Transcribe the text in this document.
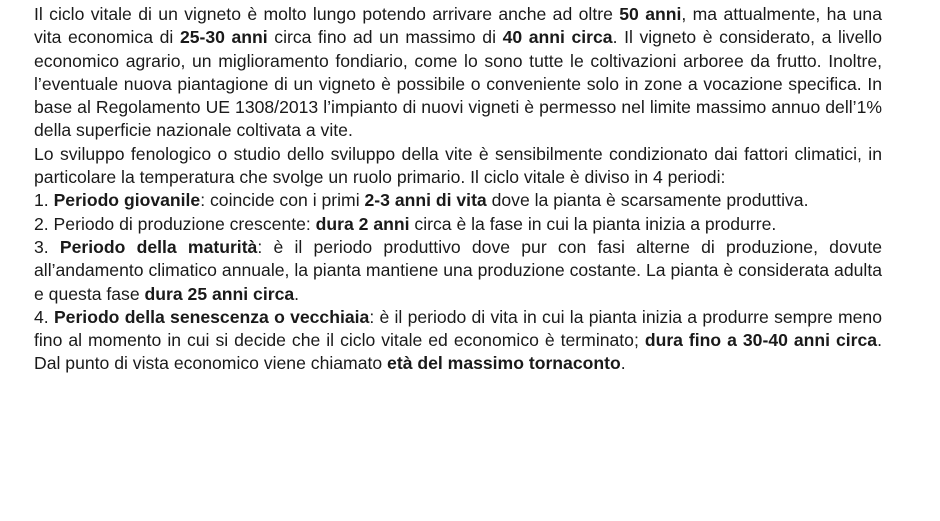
Il ciclo vitale di un vigneto è molto lungo potendo arrivare anche ad oltre 50 anni, ma attualmente, ha una vita economica di 25-30 anni circa fino ad un massimo di 40 anni circa. Il vigneto è considerato, a livello economico agrario, un miglioramento fondiario, come lo sono tutte le coltivazioni arboree da frutto. Inoltre, l’eventuale nuova piantagione di un vigneto è possibile o conveniente solo in zone a vocazione specifica. In base al Regolamento UE 1308/2013 l’impianto di nuovi vigneti è permesso nel limite massimo annuo dell’1% della superficie nazionale coltivata a vite.

Lo sviluppo fenologico o studio dello sviluppo della vite è sensibilmente condizionato dai fattori climatici, in particolare la temperatura che svolge un ruolo primario. Il ciclo vitale è diviso in 4 periodi:

1. Periodo giovanile: coincide con i primi 2-3 anni di vita dove la pianta è scarsamente produttiva.

2. Periodo di produzione crescente: dura 2 anni circa è la fase in cui la pianta inizia a produrre.

3. Periodo della maturità: è il periodo produttivo dove pur con fasi alterne di produzione, dovute all’andamento climatico annuale, la pianta mantiene una produzione costante. La pianta è considerata adulta e questa fase dura 25 anni circa.

4. Periodo della senescenza o vecchiaia: è il periodo di vita in cui la pianta inizia a produrre sempre meno fino al momento in cui si decide che il ciclo vitale ed economico è terminato; dura fino a 30-40 anni circa. Dal punto di vista economico viene chiamato età del massimo tornaconto.
